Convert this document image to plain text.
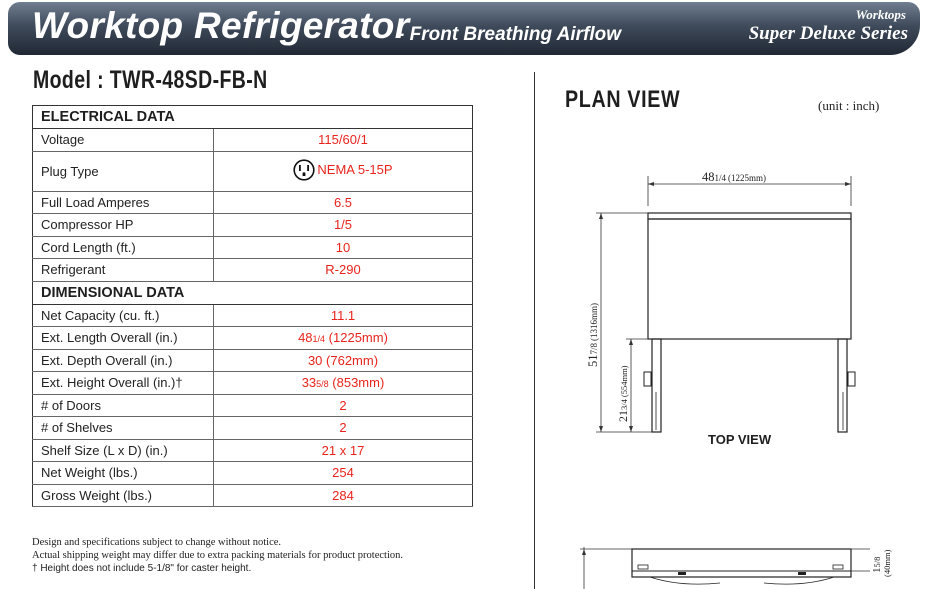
Worktop Refrigerator
- Front Breathing Airflow
Worktops
Super Deluxe Series
Model : TWR-48SD-FB-N
ELECTRICAL DATA	
Voltage	115/60/1
Plug Type	NEMA 5-15P

Full Load Amperes	6.5
Compressor HP	1/5
Cord Length (ft.)	10
Refrigerant	R-290
DIMENSIONAL DATA	
Net Capacity (cu. ft.)	11.1
Ext. Length Overall (in.)	481/4 (1225mm)
Ext. Depth Overall (in.)	30 (762mm)
Ext. Height Overall (in.)†	335/8 (853mm)
# of Doors	2
# of Shelves	2
Shelf Size (L x D) (in.)	21 x 17
Net Weight (lbs.)	254
Gross Weight (lbs.)	284
Design and specifications subject to change without notice.
Actual shipping weight may differ due to extra packing materials for product protection.
† Height does not include 5-1/8" for caster height.
PLAN VIEW	(unit : inch)
481/4 (1225mm)
517/8(1316mm)
213/4(554mm)
TOP VIEW
15/8 (40mm)
